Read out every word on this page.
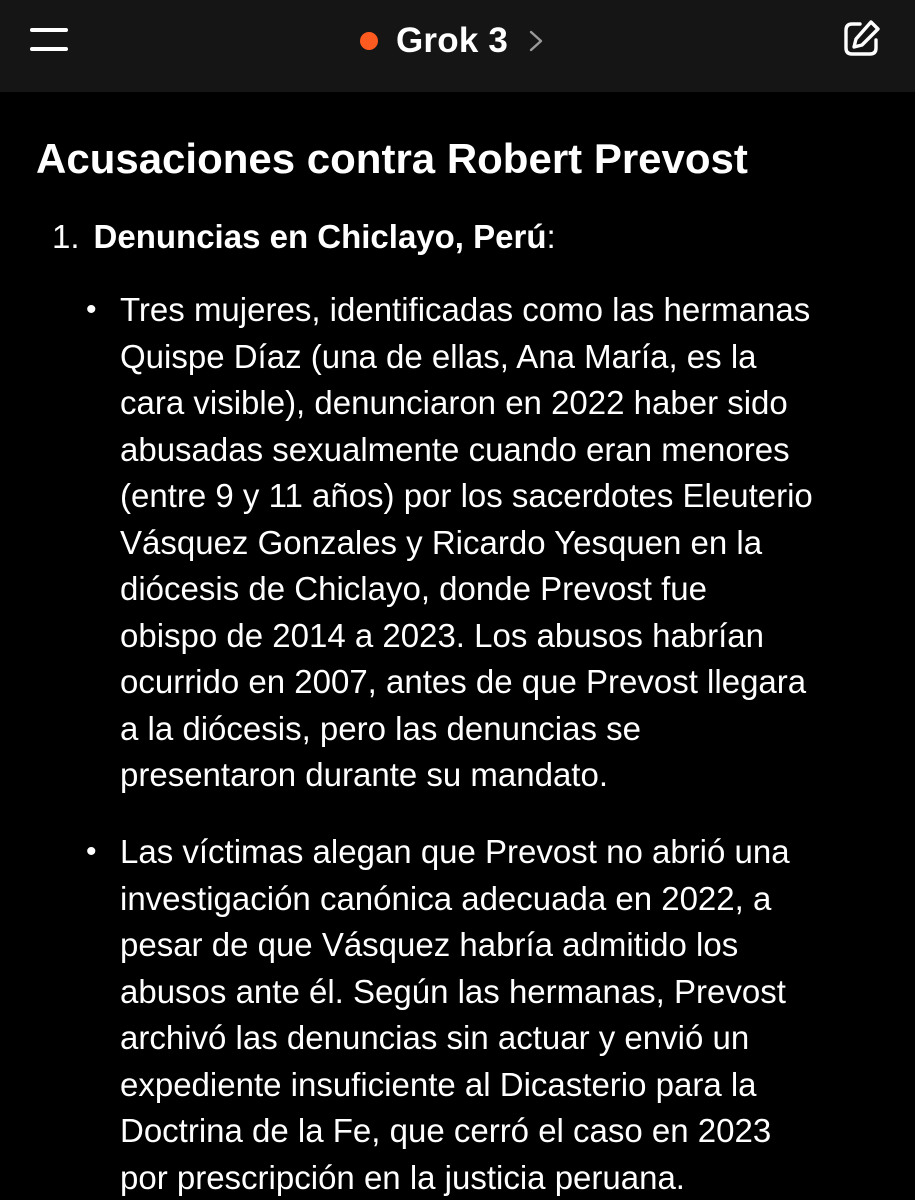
Grok 3
Acusaciones contra Robert Prevost
1. Denuncias en Chiclayo, Perú:
• Tres mujeres, identificadas como las hermanas
Quispe Díaz (una de ellas, Ana María, es la
cara visible), denunciaron en 2022 haber sido
abusadas sexualmente cuando eran menores
(entre 9 y 11 años) por los sacerdotes Eleuterio
Vásquez Gonzales y Ricardo Yesquen en la
diócesis de Chiclayo, donde Prevost fue
obispo de 2014 a 2023. Los abusos habrían
ocurrido en 2007, antes de que Prevost llegara
a la diócesis, pero las denuncias se
presentaron durante su mandato.
• Las víctimas alegan que Prevost no abrió una
investigación canónica adecuada en 2022, a
pesar de que Vásquez habría admitido los
abusos ante él. Según las hermanas, Prevost
archivó las denuncias sin actuar y envió un
expediente insuficiente al Dicasterio para la
Doctrina de la Fe, que cerró el caso en 2023
por prescripción en la justicia peruana.
